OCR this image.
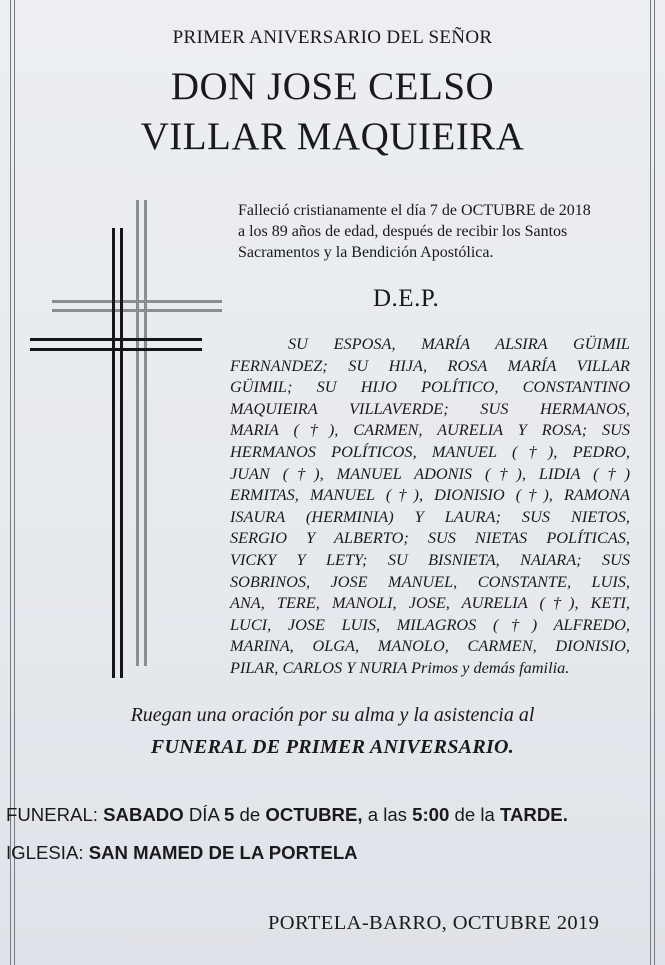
PRIMER ANIVERSARIO DEL SEÑOR
DON JOSE CELSO
VILLAR MAQUIEIRA
Falleció cristianamente el día 7 de OCTUBRE de 2018
a los 89 años de edad, después de recibir los Santos
Sacramentos y la Bendición Apostólica.
D.E.P.
SU ESPOSA, MARÍA ALSIRA GÜIMIL
FERNANDEZ; SU HIJA, ROSA MARÍA VILLAR
GÜIMIL; SU HIJO POLÍTICO, CONSTANTINO
MAQUIEIRA VILLAVERDE; SUS HERMANOS,
MARIA (†), CARMEN, AURELIA Y ROSA; SUS
HERMANOS POLÍTICOS, MANUEL (†), PEDRO,
JUAN (†), MANUEL ADONIS (†), LIDIA (†)
ERMITAS, MANUEL (†), DIONISIO (†), RAMONA
ISAURA (HERMINIA) Y LAURA; SUS NIETOS,
SERGIO Y ALBERTO; SUS NIETAS POLÍTICAS,
VICKY Y LETY; SU BISNIETA, NAIARA; SUS
SOBRINOS, JOSE MANUEL, CONSTANTE, LUIS,
ANA, TERE, MANOLI, JOSE, AURELIA (†), KETI,
LUCI, JOSE LUIS, MILAGROS (†) ALFREDO,
MARINA, OLGA, MANOLO, CARMEN, DIONISIO,
PILAR, CARLOS Y NURIA Primos y demás familia.
Ruegan una oración por su alma y la asistencia al
FUNERAL DE PRIMER ANIVERSARIO.
FUNERAL: SABADO DÍA 5 de OCTUBRE, a las 5:00 de la TARDE.
IGLESIA: SAN MAMED DE LA PORTELA
PORTELA-BARRO, OCTUBRE 2019
